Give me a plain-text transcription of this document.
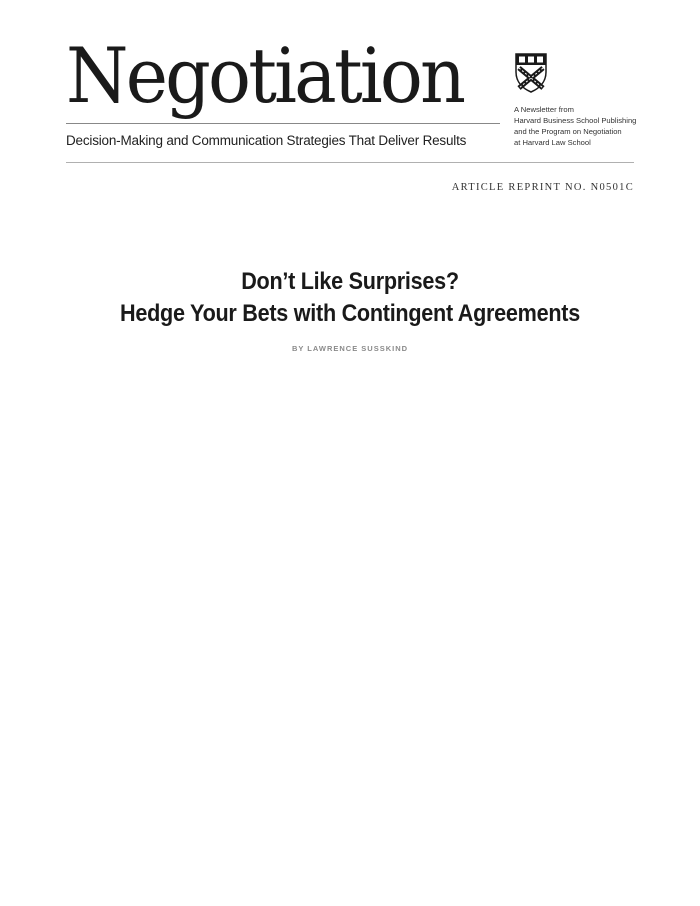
Negotiation
Decision-Making and Communication Strategies That Deliver Results
A Newsletter from
Harvard Business School Publishing
and the Program on Negotiation
at Harvard Law School
ARTICLE REPRINT NO. N0501C
Don’t Like Surprises?
Hedge Your Bets with Contingent Agreements
BY LAWRENCE SUSSKIND
